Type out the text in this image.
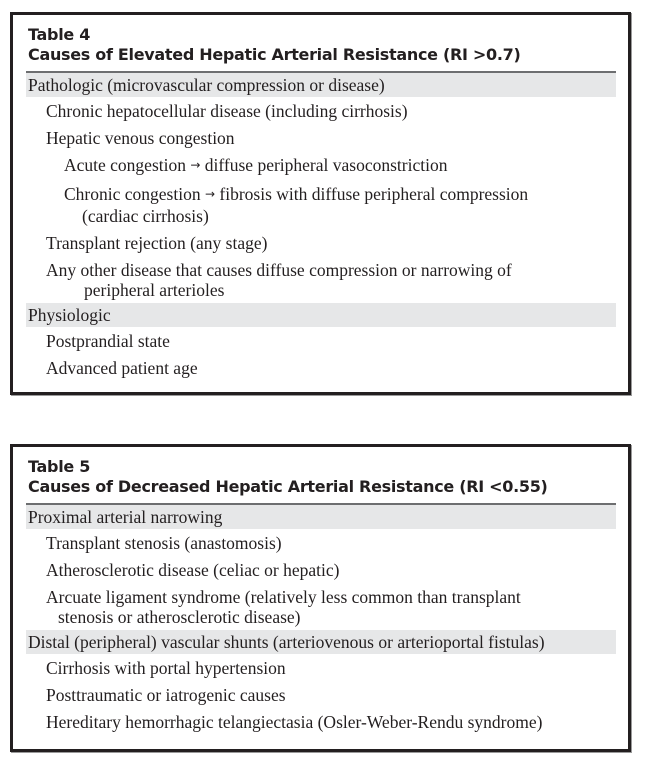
Table 4
Causes of Elevated Hepatic Arterial Resistance (RI >0.7)
Pathologic (microvascular compression or disease)
Chronic hepatocellular disease (including cirrhosis)
Hepatic venous congestion
Acute congestion → diffuse peripheral vasoconstriction
Chronic congestion → fibrosis with diffuse peripheral compression
(cardiac cirrhosis)
Transplant rejection (any stage)
Any other disease that causes diffuse compression or narrowing of
peripheral arterioles
Physiologic
Postprandial state
Advanced patient age
Table 5
Causes of Decreased Hepatic Arterial Resistance (RI <0.55)
Proximal arterial narrowing
Transplant stenosis (anastomosis)
Atherosclerotic disease (celiac or hepatic)
Arcuate ligament syndrome (relatively less common than transplant
stenosis or atherosclerotic disease)
Distal (peripheral) vascular shunts (arteriovenous or arterioportal fistulas)
Cirrhosis with portal hypertension
Posttraumatic or iatrogenic causes
Hereditary hemorrhagic telangiectasia (Osler-Weber-Rendu syndrome)
